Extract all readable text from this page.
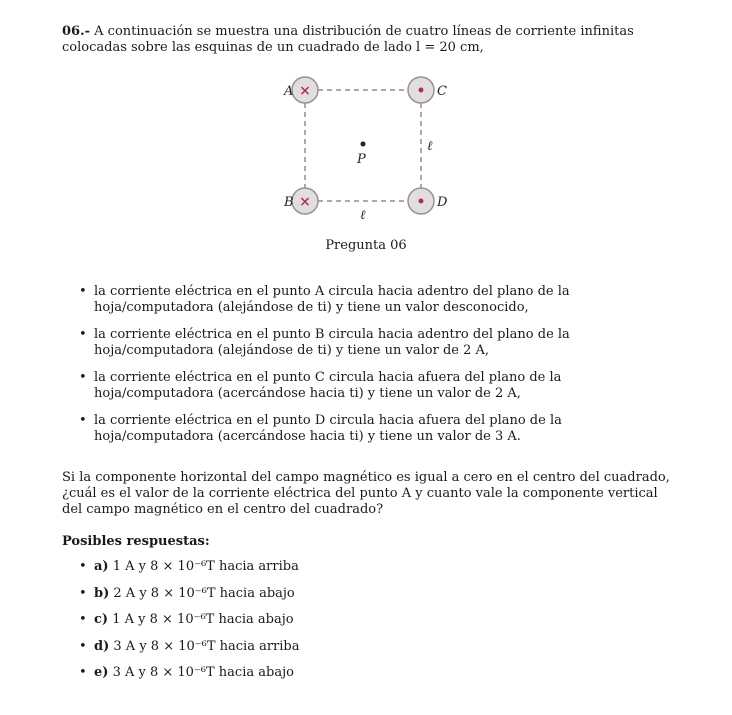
06.- A continuación se muestra una distribución de cuatro líneas de corriente infinitas colocadas sobre las esquinas de un cuadrado de lado l = 20 cm,
×
×
•
•
A
B
C
D
P
ℓ
ℓ
Pregunta 06
• la corriente eléctrica en el punto A circula hacia adentro del plano de la hoja/computadora (alejándose de ti) y tiene un valor desconocido,
• la corriente eléctrica en el punto B circula hacia adentro del plano de la hoja/computadora (alejándose de ti) y tiene un valor de 2 A,
• la corriente eléctrica en el punto C circula hacia afuera del plano de la hoja/computadora (acercándose hacia ti) y tiene un valor de 2 A,
• la corriente eléctrica en el punto D circula hacia afuera del plano de la hoja/computadora (acercándose hacia ti) y tiene un valor de 3 A.
Si la componente horizontal del campo magnético es igual a cero en el centro del cuadrado, ¿cuál es el valor de la corriente eléctrica del punto A y cuanto vale la componente vertical del campo magnético en el centro del cuadrado?
Posibles respuestas:
• a) 1 A y 8 × 10⁻⁶T hacia arriba
• b) 2 A y 8 × 10⁻⁶T hacia abajo
• c) 1 A y 8 × 10⁻⁶T hacia abajo
• d) 3 A y 8 × 10⁻⁶T hacia arriba
• e) 3 A y 8 × 10⁻⁶T hacia abajo
